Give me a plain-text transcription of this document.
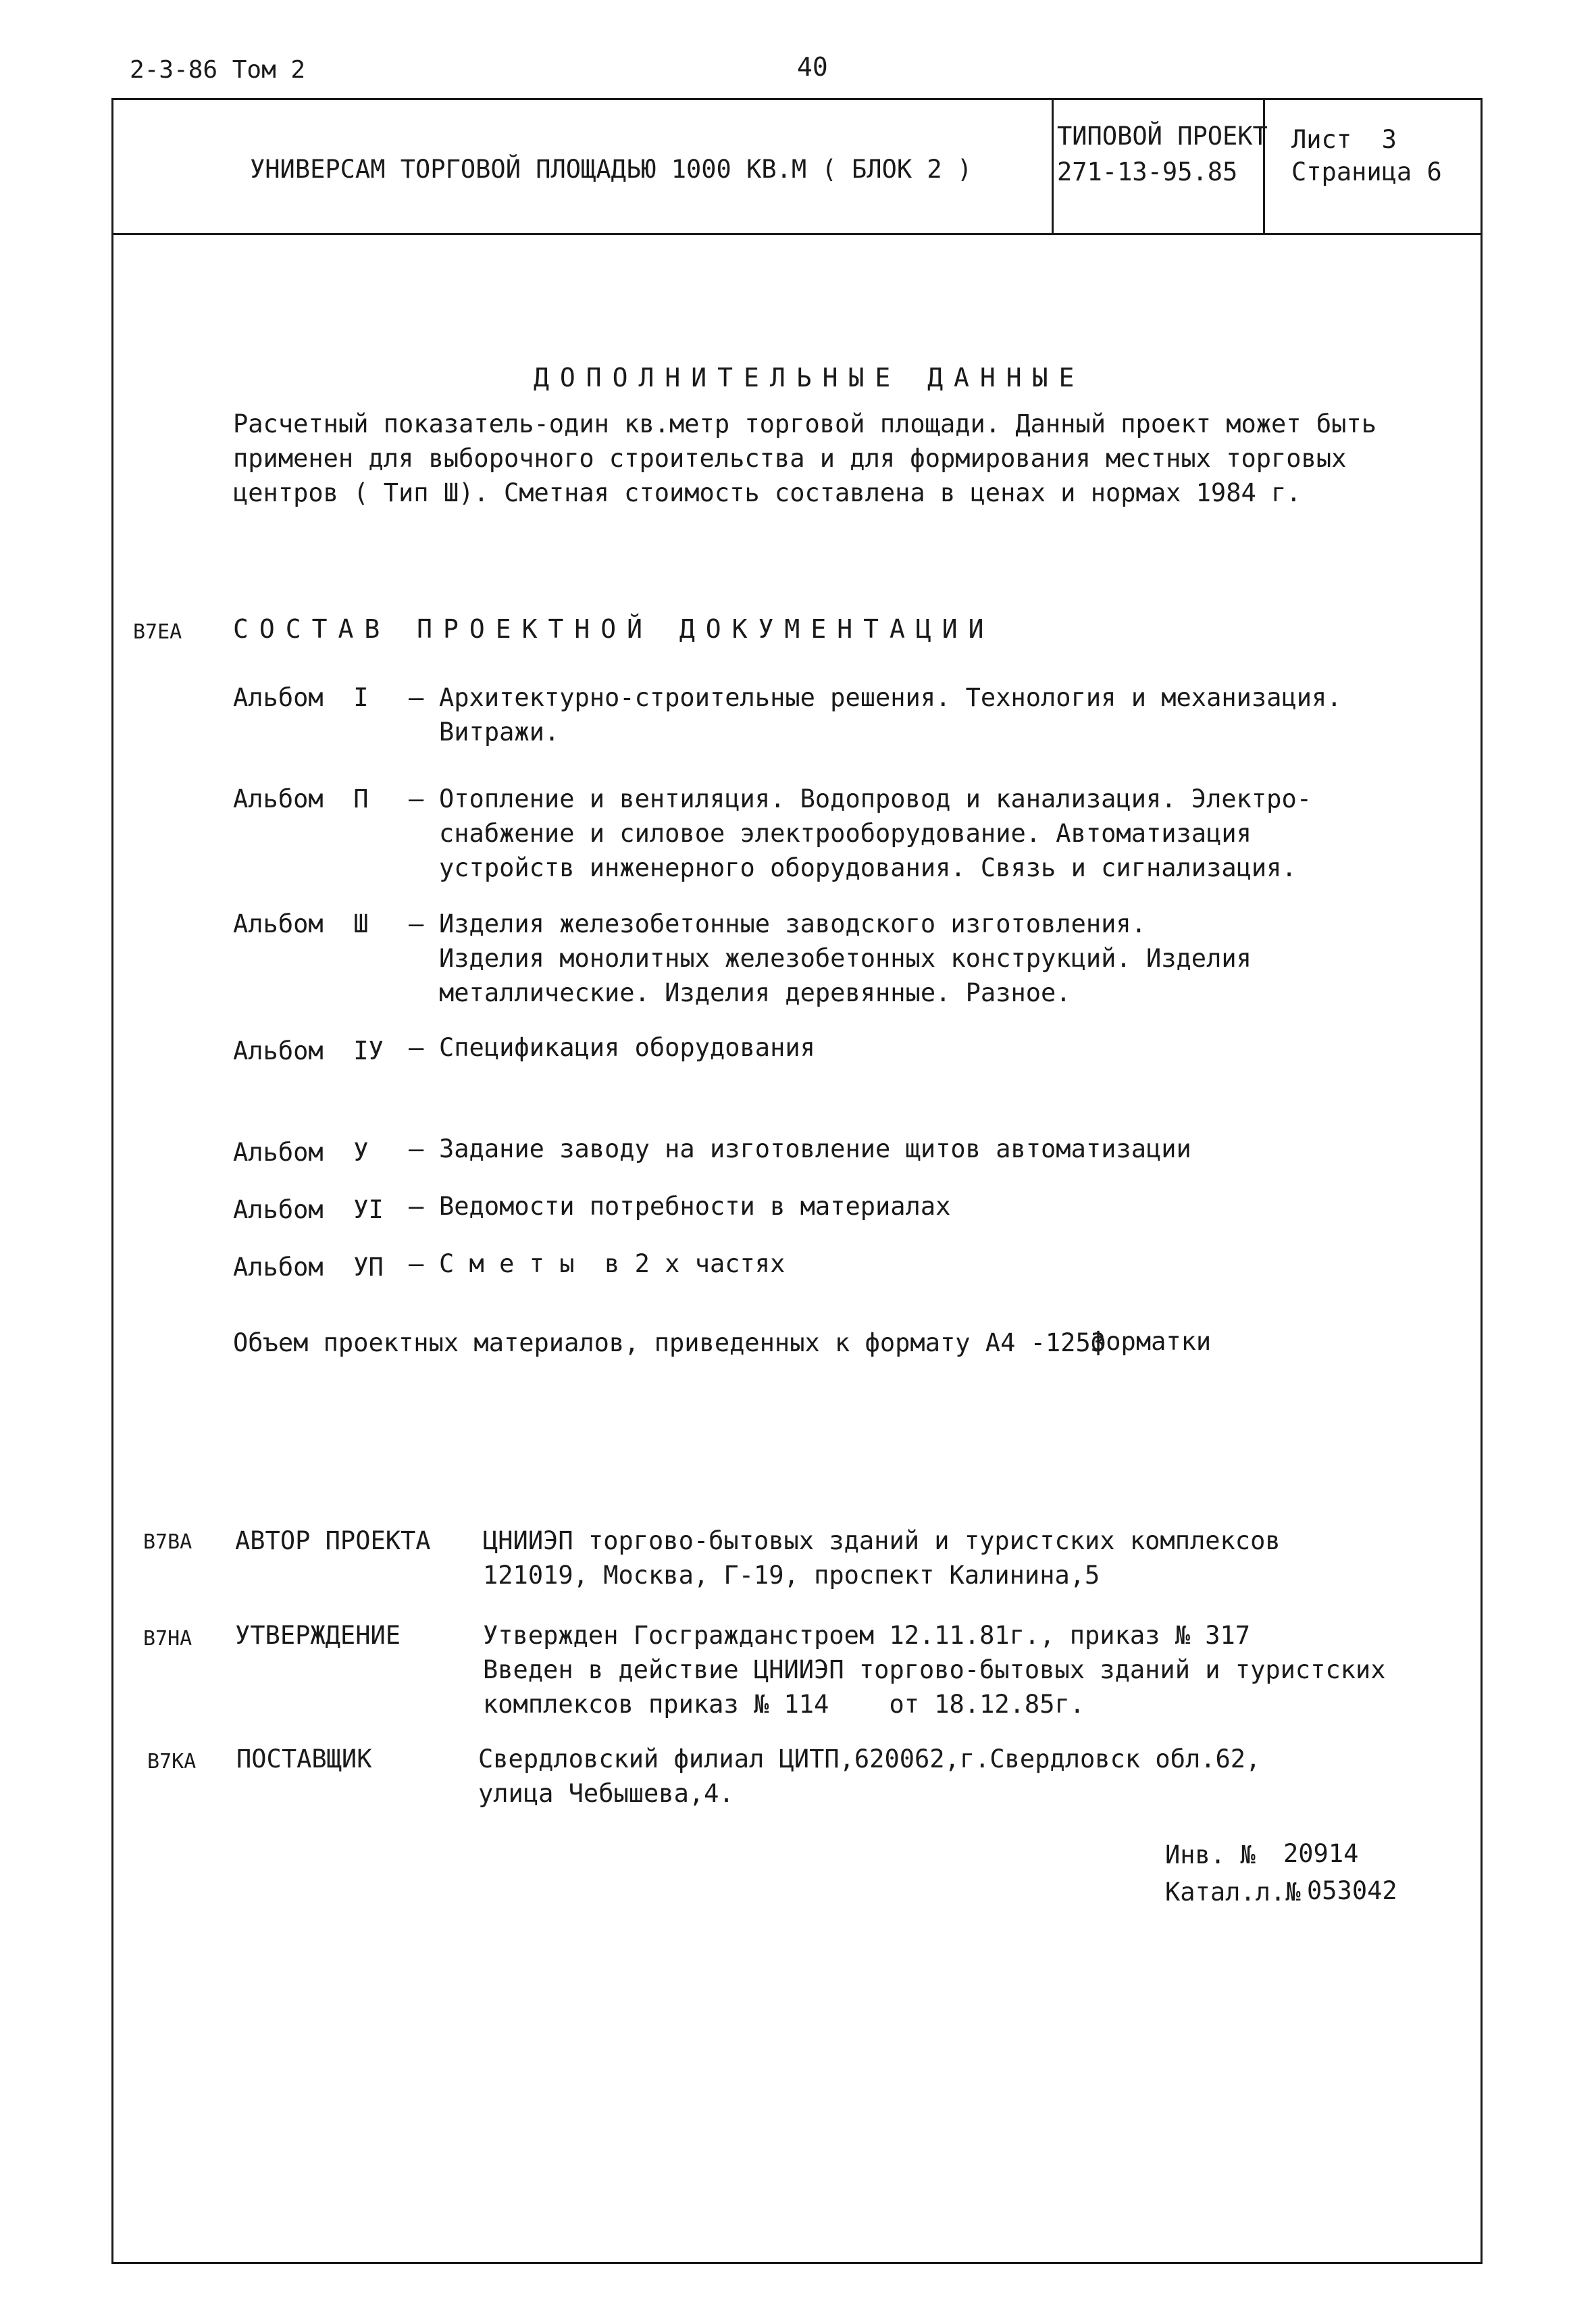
2-3-86 Том 2	40
УНИВЕРСАМ ТОРГОВОЙ ПЛОЩАДЬЮ 1000 КВ.М ( БЛОК 2 )
ТИПОВОЙ ПРОЕКТ
271-13-95.85
Лист  3
Страница 6
ДОПОЛНИТЕЛЬНЫЕ ДАННЫЕ
Расчетный показатель-один кв.метр торговой площади. Данный проект может быть
применен для выборочного строительства и для формирования местных торговых
центров ( Тип Ш). Сметная стоимость составлена в ценах и нормах 1984 г.
В7ЕА СОСТАВ ПРОЕКТНОЙ ДОКУМЕНТАЦИИ
Альбом  I – Архитектурно-строительные решения. Технология и механизация.
Витражи.
Альбом  П – Отопление и вентиляция. Водопровод и канализация. Электро-
снабжение и силовое электрооборудование. Автоматизация
устройств инженерного оборудования. Связь и сигнализация.
Альбом  Ш – Изделия железобетонные заводского изготовления.
Изделия монолитных железобетонных конструкций. Изделия
металлические. Изделия деревянные. Разное.
Альбом  IУ – Спецификация оборудования
Альбом  У – Задание заводу на изготовление щитов автоматизации
Альбом  УI – Ведомости потребности в материалах
Альбом  УП – С м е т ы  в 2 х частях
Объем проектных материалов, приведенных к формату А4 -1253
форматки
В7ВА АВТОР ПРОЕКТА ЦНИИЭП торгово-бытовых зданий и туристских комплексов
121019, Москва, Г-19, проспект Калинина,5
В7НА УТВЕРЖДЕНИЕ	Утвержден Госгражданстроем 12.11.81г., приказ № 317
Введен в действие ЦНИИЭП торгово-бытовых зданий и туристских
комплексов приказ № 114    от 18.12.85г.
В7КА ПОСТАВЩИК	Свердловский филиал ЦИТП,620062,г.Свердловск обл.62,
улица Чебышева,4.
Инв. № 20914
Катал.л.№ 053042
